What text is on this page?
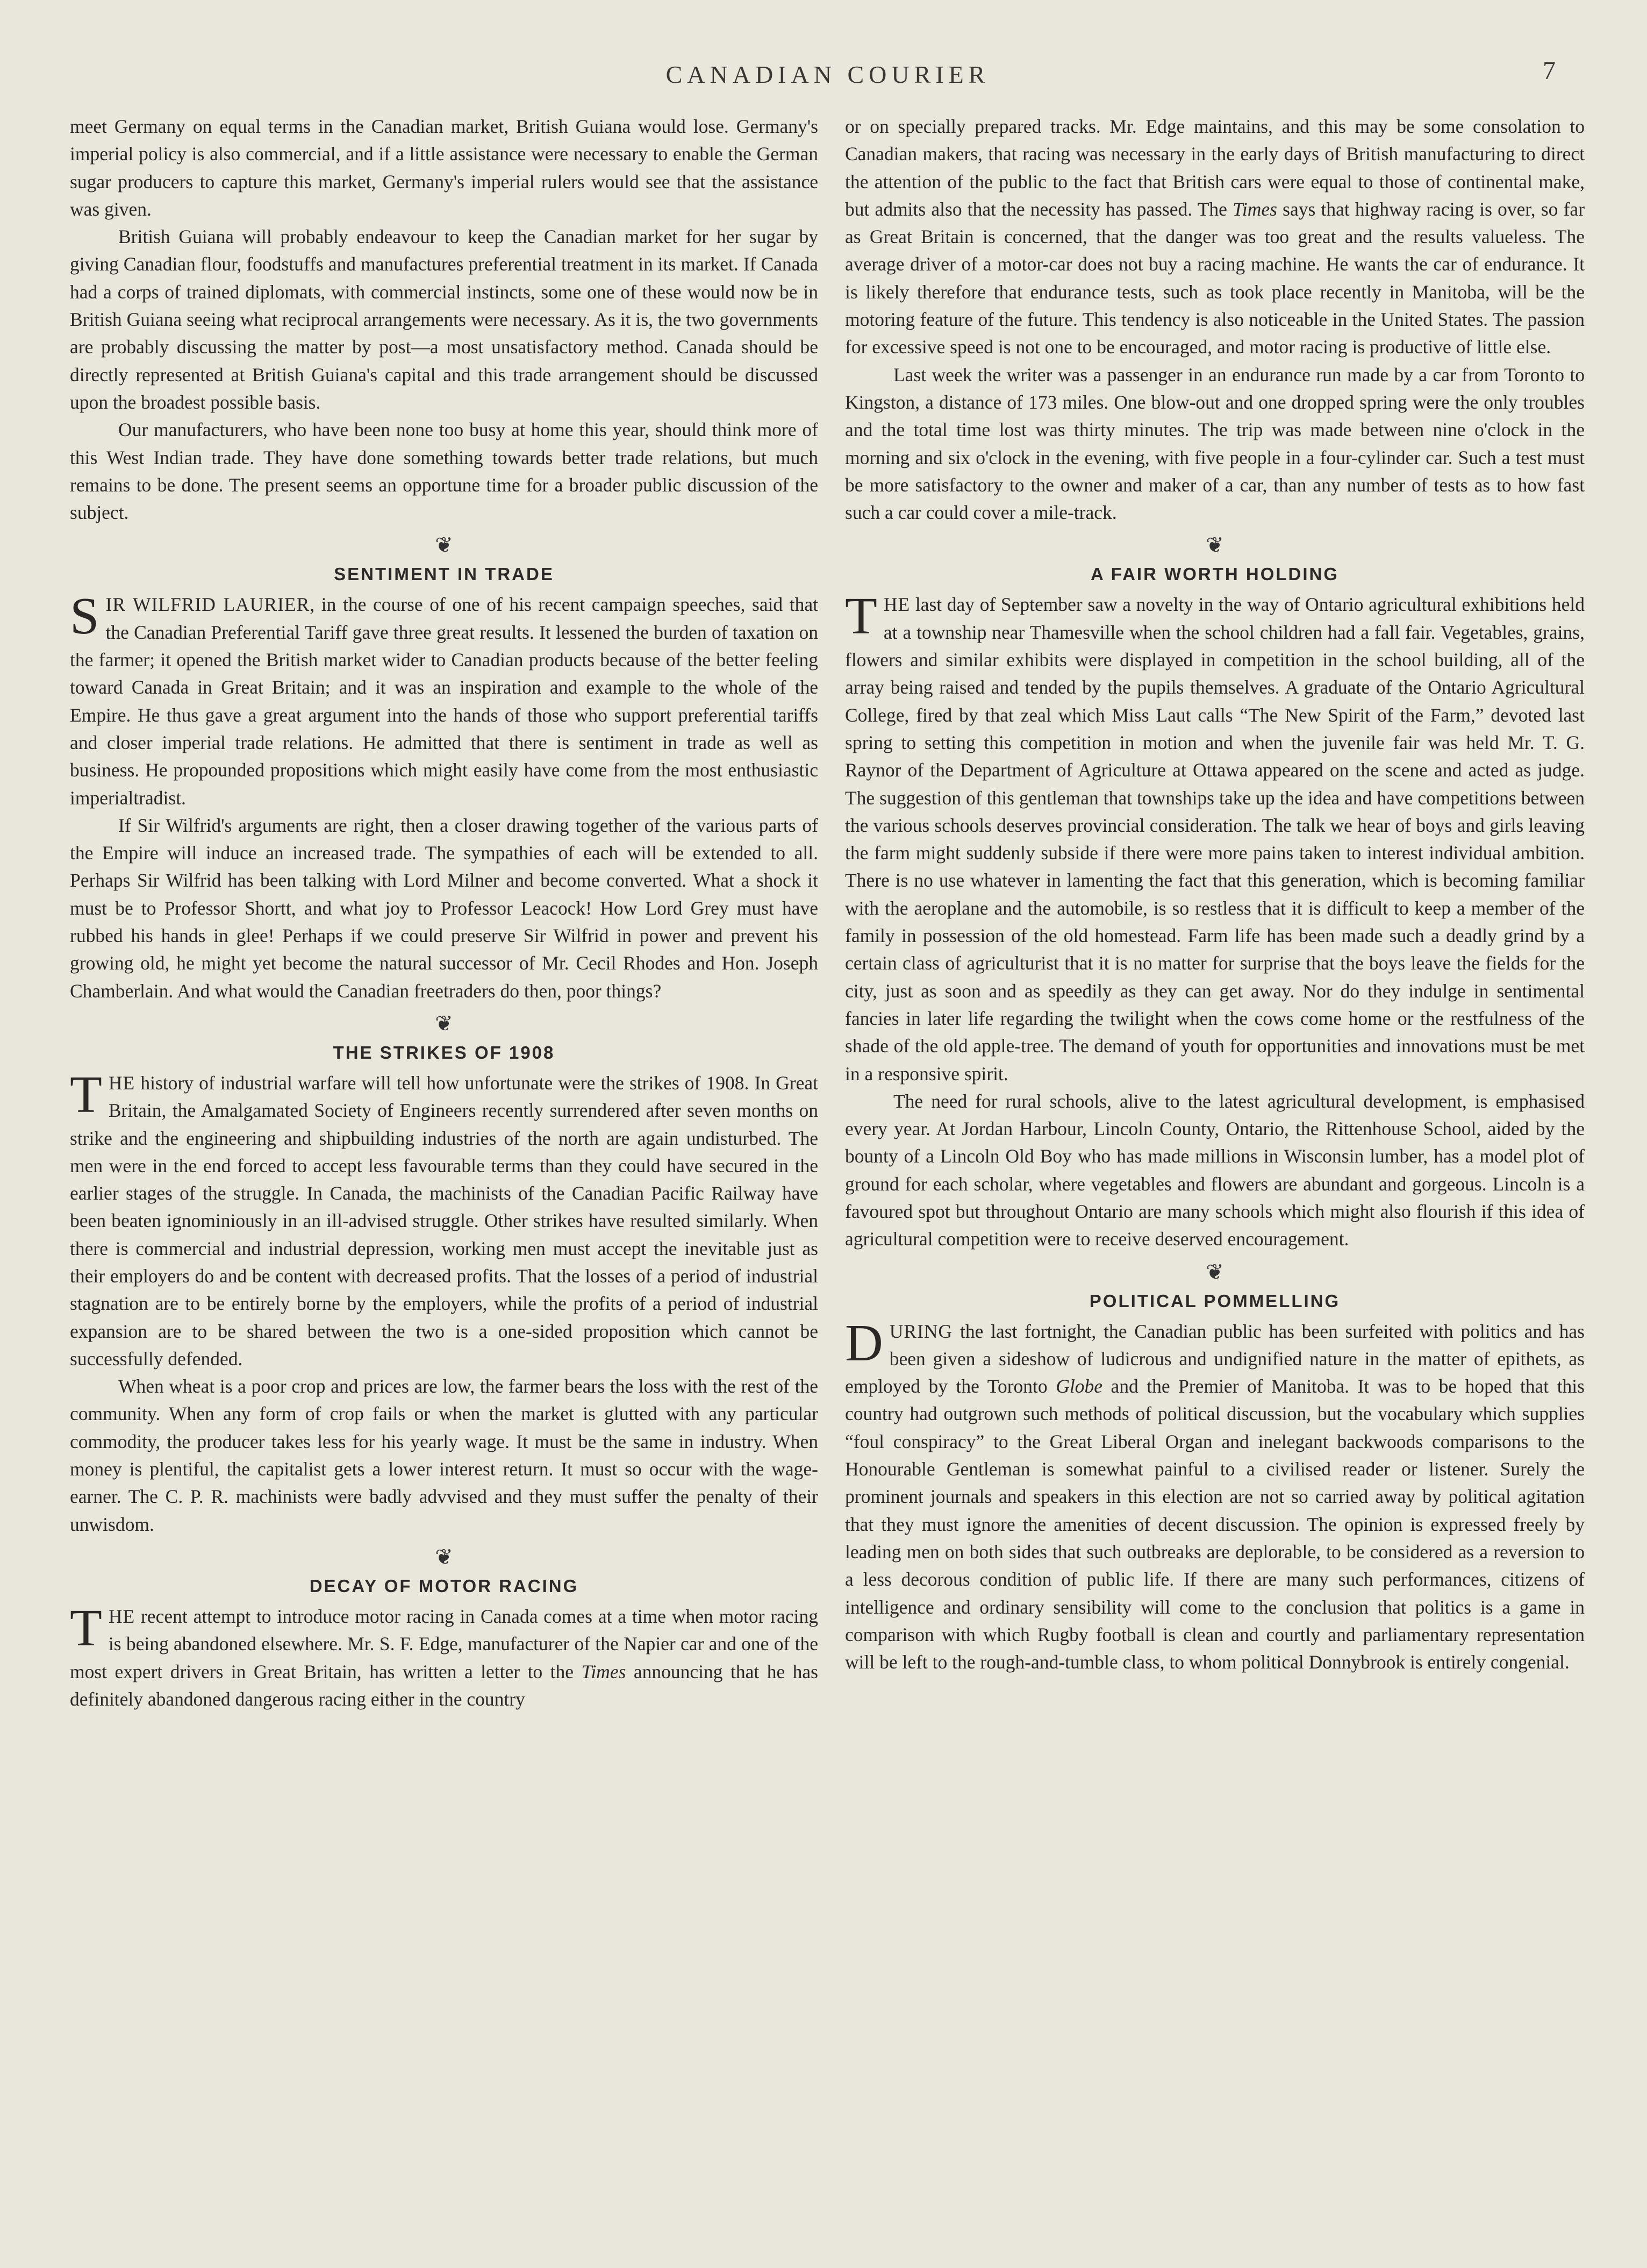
CANADIAN COURIER	7

meet Germany on equal terms in the Canadian market, British Guiana would lose. Germany's imperial policy is also commercial, and if a little assistance were necessary to enable the German sugar producers to capture this market, Germany's imperial rulers would see that the assistance was given.

British Guiana will probably endeavour to keep the Canadian market for her sugar by giving Canadian flour, foodstuffs and manufactures preferential treatment in its market. If Canada had a corps of trained diplomats, with commercial instincts, some one of these would now be in British Guiana seeing what reciprocal arrangements were necessary. As it is, the two governments are probably discussing the matter by post—a most unsatisfactory method. Canada should be directly represented at British Guiana's capital and this trade arrangement should be discussed upon the broadest possible basis.

Our manufacturers, who have been none too busy at home this year, should think more of this West Indian trade. They have done something towards better trade relations, but much remains to be done. The present seems an opportune time for a broader public discussion of the subject.

❦
SENTIMENT IN TRADE

SIR WILFRID LAURIER, in the course of one of his recent campaign speeches, said that the Canadian Preferential Tariff gave three great results. It lessened the burden of taxation on the farmer; it opened the British market wider to Canadian products because of the better feeling toward Canada in Great Britain; and it was an inspiration and example to the whole of the Empire. He thus gave a great argument into the hands of those who support preferential tariffs and closer imperial trade relations. He admitted that there is sentiment in trade as well as business. He propounded propositions which might easily have come from the most enthusiastic imperialtradist.

If Sir Wilfrid's arguments are right, then a closer drawing together of the various parts of the Empire will induce an increased trade. The sympathies of each will be extended to all. Perhaps Sir Wilfrid has been talking with Lord Milner and become converted. What a shock it must be to Professor Shortt, and what joy to Professor Leacock! How Lord Grey must have rubbed his hands in glee! Perhaps if we could preserve Sir Wilfrid in power and prevent his growing old, he might yet become the natural successor of Mr. Cecil Rhodes and Hon. Joseph Chamberlain. And what would the Canadian freetraders do then, poor things?

❦
THE STRIKES OF 1908

THE history of industrial warfare will tell how unfortunate were the strikes of 1908. In Great Britain, the Amalgamated Society of Engineers recently surrendered after seven months on strike and the engineering and shipbuilding industries of the north are again undisturbed. The men were in the end forced to accept less favourable terms than they could have secured in the earlier stages of the struggle. In Canada, the machinists of the Canadian Pacific Railway have been beaten ignominiously in an ill-advised struggle. Other strikes have resulted similarly. When there is commercial and industrial depression, working men must accept the inevitable just as their employers do and be content with decreased profits. That the losses of a period of industrial stagnation are to be entirely borne by the employers, while the profits of a period of industrial expansion are to be shared between the two is a one-sided proposition which cannot be successfully defended.

When wheat is a poor crop and prices are low, the farmer bears the loss with the rest of the community. When any form of crop fails or when the market is glutted with any particular commodity, the producer takes less for his yearly wage. It must be the same in industry. When money is plentiful, the capitalist gets a lower interest return. It must so occur with the wage-earner. The C. P. R. machinists were badly advvised and they must suffer the penalty of their unwisdom.

❦
DECAY OF MOTOR RACING

THE recent attempt to introduce motor racing in Canada comes at a time when motor racing is being abandoned elsewhere. Mr. S. F. Edge, manufacturer of the Napier car and one of the most expert drivers in Great Britain, has written a letter to the Times announcing that he has definitely abandoned dangerous racing either in the country

or on specially prepared tracks. Mr. Edge maintains, and this may be some consolation to Canadian makers, that racing was necessary in the early days of British manufacturing to direct the attention of the public to the fact that British cars were equal to those of continental make, but admits also that the necessity has passed. The Times says that highway racing is over, so far as Great Britain is concerned, that the danger was too great and the results valueless. The average driver of a motor-car does not buy a racing machine. He wants the car of endurance. It is likely therefore that endurance tests, such as took place recently in Manitoba, will be the motoring feature of the future. This tendency is also noticeable in the United States. The passion for excessive speed is not one to be encouraged, and motor racing is productive of little else.

Last week the writer was a passenger in an endurance run made by a car from Toronto to Kingston, a distance of 173 miles. One blow-out and one dropped spring were the only troubles and the total time lost was thirty minutes. The trip was made between nine o'clock in the morning and six o'clock in the evening, with five people in a four-cylinder car. Such a test must be more satisfactory to the owner and maker of a car, than any number of tests as to how fast such a car could cover a mile-track.

❦
A FAIR WORTH HOLDING

THE last day of September saw a novelty in the way of Ontario agricultural exhibitions held at a township near Thamesville when the school children had a fall fair. Vegetables, grains, flowers and similar exhibits were displayed in competition in the school building, all of the array being raised and tended by the pupils themselves. A graduate of the Ontario Agricultural College, fired by that zeal which Miss Laut calls “The New Spirit of the Farm,” devoted last spring to setting this competition in motion and when the juvenile fair was held Mr. T. G. Raynor of the Department of Agriculture at Ottawa appeared on the scene and acted as judge. The suggestion of this gentleman that townships take up the idea and have competitions between the various schools deserves provincial consideration. The talk we hear of boys and girls leaving the farm might suddenly subside if there were more pains taken to interest individual ambition. There is no use whatever in lamenting the fact that this generation, which is becoming familiar with the aeroplane and the automobile, is so restless that it is difficult to keep a member of the family in possession of the old homestead. Farm life has been made such a deadly grind by a certain class of agriculturist that it is no matter for surprise that the boys leave the fields for the city, just as soon and as speedily as they can get away. Nor do they indulge in sentimental fancies in later life regarding the twilight when the cows come home or the restfulness of the shade of the old apple-tree. The demand of youth for opportunities and innovations must be met in a responsive spirit.

The need for rural schools, alive to the latest agricultural development, is emphasised every year. At Jordan Harbour, Lincoln County, Ontario, the Rittenhouse School, aided by the bounty of a Lincoln Old Boy who has made millions in Wisconsin lumber, has a model plot of ground for each scholar, where vegetables and flowers are abundant and gorgeous. Lincoln is a favoured spot but throughout Ontario are many schools which might also flourish if this idea of agricultural competition were to receive deserved encouragement.

❦
POLITICAL POMMELLING

DURING the last fortnight, the Canadian public has been surfeited with politics and has been given a sideshow of ludicrous and undignified nature in the matter of epithets, as employed by the Toronto Globe and the Premier of Manitoba. It was to be hoped that this country had outgrown such methods of political discussion, but the vocabulary which supplies “foul conspiracy” to the Great Liberal Organ and inelegant backwoods comparisons to the Honourable Gentleman is somewhat painful to a civilised reader or listener. Surely the prominent journals and speakers in this election are not so carried away by political agitation that they must ignore the amenities of decent discussion. The opinion is expressed freely by leading men on both sides that such outbreaks are deplorable, to be considered as a reversion to a less decorous condition of public life. If there are many such performances, citizens of intelligence and ordinary sensibility will come to the conclusion that politics is a game in comparison with which Rugby football is clean and courtly and parliamentary representation will be left to the rough-and-tumble class, to whom political Donnybrook is entirely congenial.
